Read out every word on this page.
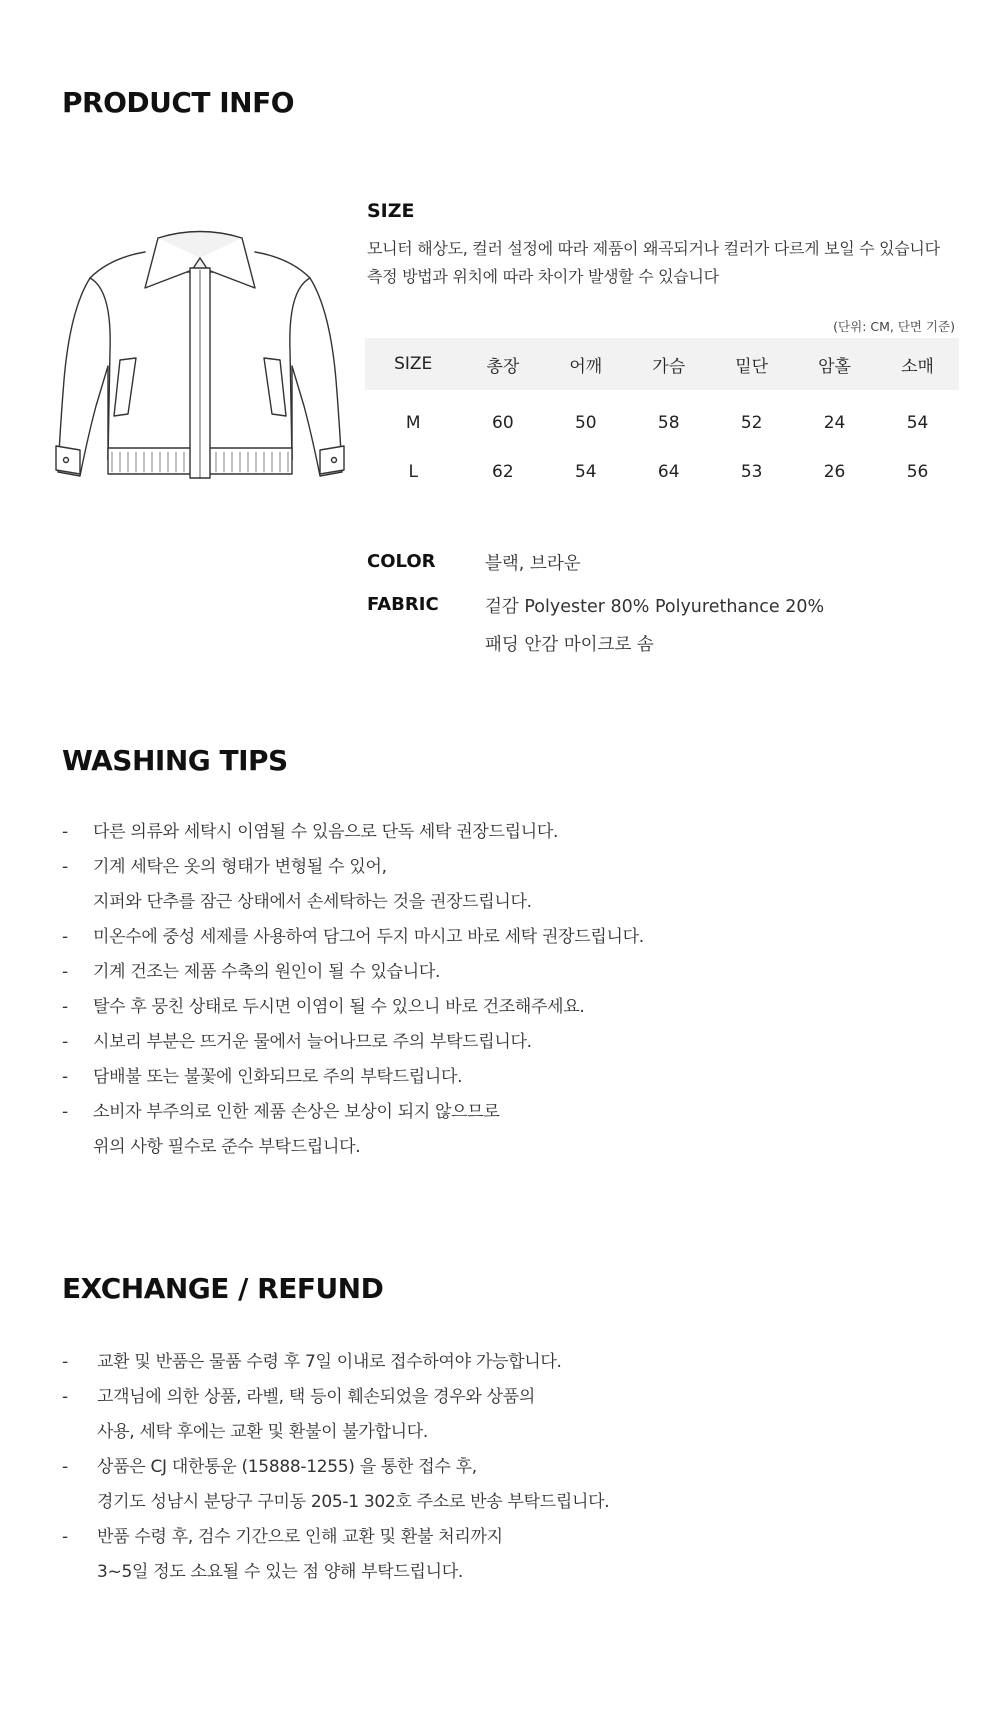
PRODUCT INFO
SIZE
모니터 해상도, 컬러 설정에 따라 제품이 왜곡되거나 컬러가 다르게 보일 수 있습니다
측정 방법과 위치에 따라 차이가 발생할 수 있습니다
(단위: CM, 단면 기준)
SIZE	총장	어깨	가슴	밑단	암홀	소매
M	60	50	58	52	24	54
L	62	54	64	53	26	56
COLOR	블랙, 브라운
FABRIC	겉감 Polyester 80% Polyurethance 20%
패딩 안감 마이크로 솜
WASHING TIPS
- 다른 의류와 세탁시 이염될 수 있음으로 단독 세탁 권장드립니다.
- 기계 세탁은 옷의 형태가 변형될 수 있어,
지퍼와 단추를 잠근 상태에서 손세탁하는 것을 권장드립니다.
- 미온수에 중성 세제를 사용하여 담그어 두지 마시고 바로 세탁 권장드립니다.
- 기계 건조는 제품 수축의 원인이 될 수 있습니다.
- 탈수 후 뭉친 상태로 두시면 이염이 될 수 있으니 바로 건조해주세요.
- 시보리 부분은 뜨거운 물에서 늘어나므로 주의 부탁드립니다.
- 담배불 또는 불꽃에 인화되므로 주의 부탁드립니다.
- 소비자 부주의로 인한 제품 손상은 보상이 되지 않으므로
위의 사항 필수로 준수 부탁드립니다.
EXCHANGE / REFUND
- 교환 및 반품은 물품 수령 후 7일 이내로 접수하여야 가능합니다.
- 고객님에 의한 상품, 라벨, 택 등이 훼손되었을 경우와 상품의
사용, 세탁 후에는 교환 및 환불이 불가합니다.
- 상품은 CJ 대한통운 (15888-1255) 을 통한 접수 후,
경기도 성남시 분당구 구미동 205-1 302호 주소로 반송 부탁드립니다.
- 반품 수령 후, 검수 기간으로 인해 교환 및 환불 처리까지
3~5일 정도 소요될 수 있는 점 양해 부탁드립니다.
